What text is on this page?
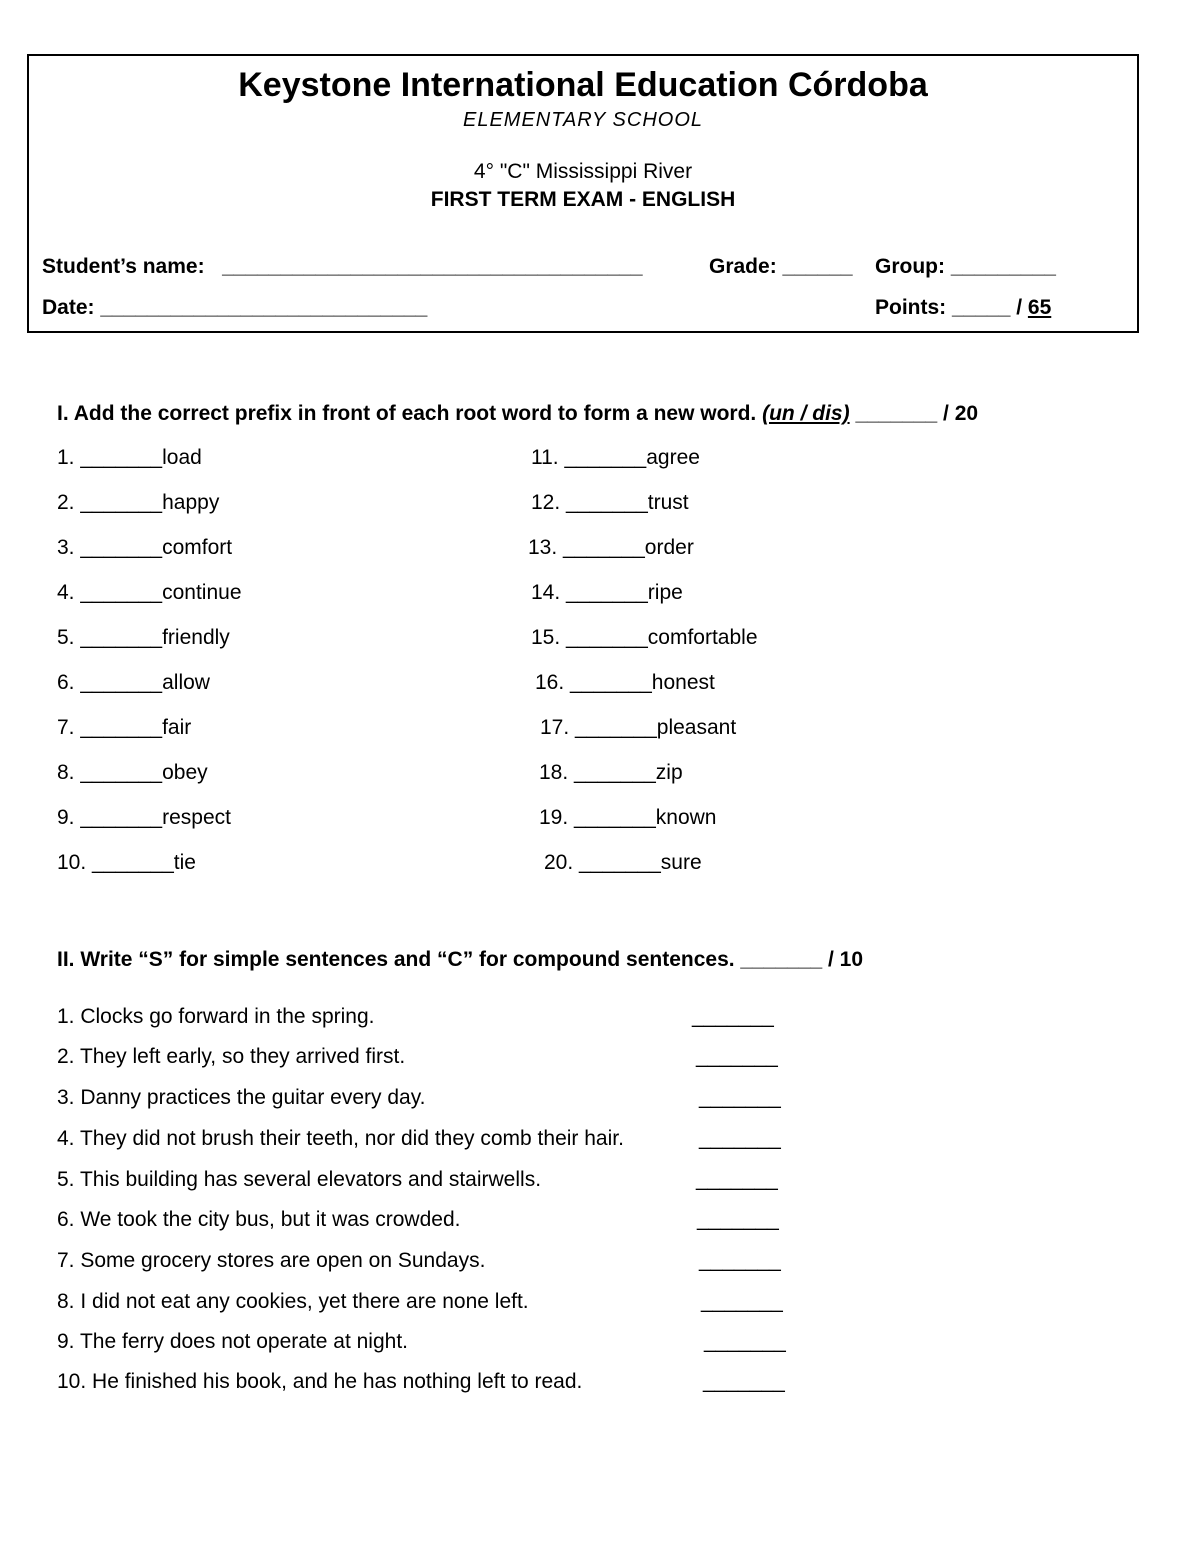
Keystone International Education Córdoba
ELEMENTARY SCHOOL
4° "C" Mississippi River
FIRST TERM EXAM - ENGLISH
Student’s name:   ____________________________________	Grade: ______ Group: _________
Date: ____________________________	Points: _____ / 65
I. Add the correct prefix in front of each root word to form a new word. (un / dis) _______ / 20
1. _______load
2. _______happy
3. _______comfort
4. _______continue
5. _______friendly
6. _______allow
7. _______fair
8. _______obey
9. _______respect
10. _______tie
11. _______agree
12. _______trust
13. _______order
14. _______ripe
15. _______comfortable
16. _______honest
17. _______pleasant
18. _______zip
19. _______known
20. _______sure
II. Write “S” for simple sentences and “C” for compound sentences. _______ / 10
1. Clocks go forward in the spring.	_______
2. They left early, so they arrived first.	_______
3. Danny practices the guitar every day.	_______
4. They did not brush their teeth, nor did they comb their hair.	_______
5. This building has several elevators and stairwells.	_______
6. We took the city bus, but it was crowded.	_______
7. Some grocery stores are open on Sundays.	_______
8. I did not eat any cookies, yet there are none left.	_______
9. The ferry does not operate at night.	_______
10. He finished his book, and he has nothing left to read.	_______
